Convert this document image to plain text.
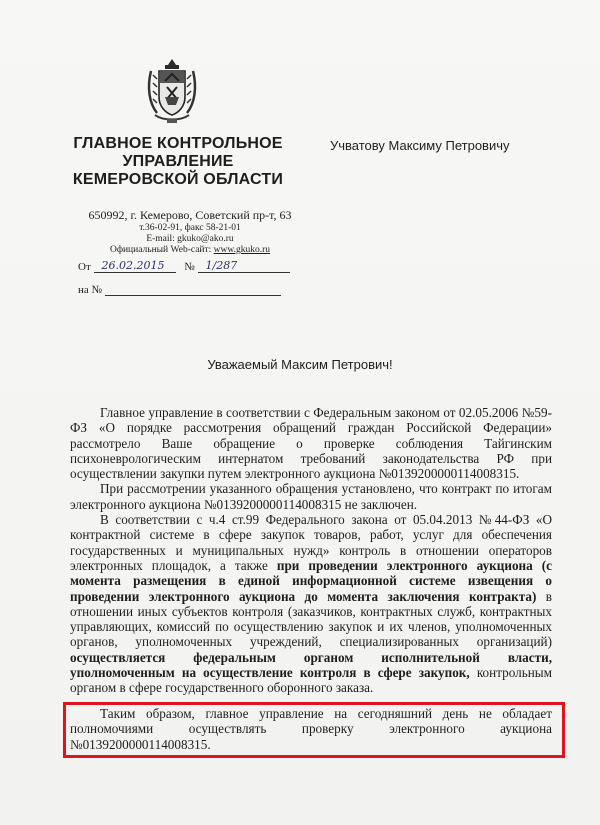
ГЛАВНОЕ КОНТРОЛЬНОЕ
УПРАВЛЕНИЕ
КЕМЕРОВСКОЙ ОБЛАСТИ
Учватову Максиму Петровичу
650992, г. Кемерово, Советский пр-т, 63
т.36-02-91, факс 58-21-01
E-mail: gkuko@ako.ru
Официальный Web-сайт: www.gkuko.ru
От 26.02.2015 № 1/287
на №
Уважаемый Максим Петрович!

Главное управление в соответствии с Федеральным законом от 02.05.2006 №59-ФЗ «О порядке рассмотрения обращений граждан Российской Федерации» рассмотрело Ваше обращение о проверке соблюдения Тайгинским психоневрологическим интернатом требований законодательства РФ при осуществлении закупки путем электронного аукциона №0139200000114008315.

При рассмотрении указанного обращения установлено, что контракт по итогам электронного аукциона №0139200000114008315 не заключен.

В соответствии с ч.4 ст.99 Федерального закона от 05.04.2013 №44-ФЗ «О контрактной системе в сфере закупок товаров, работ, услуг для обеспечения государственных и муниципальных нужд» контроль в отношении операторов электронных площадок, а также при проведении электронного аукциона (с момента размещения в единой информационной системе извещения о проведении электронного аукциона до момента заключения контракта) в отношении иных субъектов контроля (заказчиков, контрактных служб, контрактных управляющих, комиссий по осуществлению закупок и их членов, уполномоченных органов, уполномоченных учреждений, специализированных организаций) осуществляется федеральным органом исполнительной власти, уполномоченным на осуществление контроля в сфере закупок, контрольным органом в сфере государственного оборонного заказа.

Таким образом, главное управление на сегодняшний день не обладает полномочиями осуществлять проверку электронного аукциона №0139200000114008315.
